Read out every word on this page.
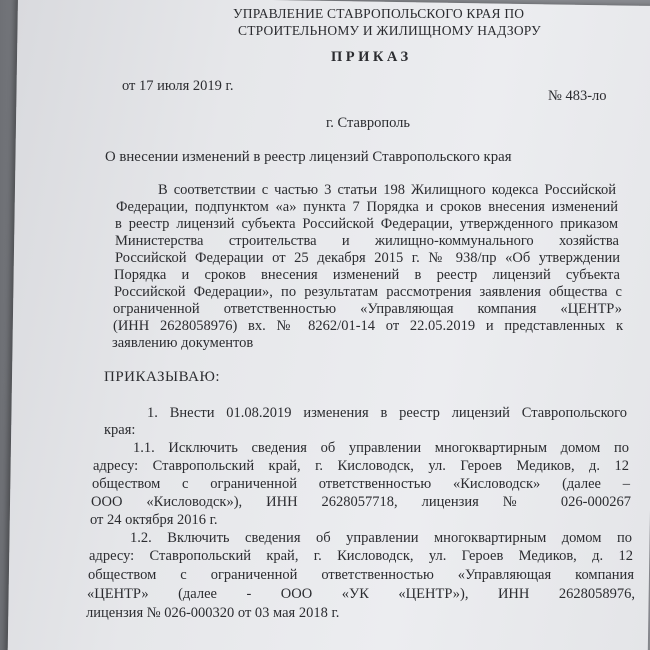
УПРАВЛЕНИЕ СТАВРОПОЛЬСКОГО КРАЯ ПО
СТРОИТЕЛЬНОМУ И ЖИЛИЩНОМУ НАДЗОРУ
ПРИКАЗ
от 17 июля 2019 г.
№ 483-ло
г. Ставрополь
О внесении изменений в реестр лицензий Ставропольского края
В соответствии с частью 3 статьи 198 Жилищного кодекса Российской
Федерации, подпунктом «а» пункта 7 Порядка и сроков внесения изменений
в реестр лицензий субъекта Российской Федерации, утвержденного приказом
Министерства строительства и жилищно-коммунального хозяйства
Российской Федерации от 25 декабря 2015 г. № 938/пр «Об утверждении
Порядка и сроков внесения изменений в реестр лицензий субъекта
Российской Федерации», по результатам рассмотрения заявления общества с
ограниченной ответственностью «Управляющая компания «ЦЕНТР»
(ИНН 2628058976) вх. № 8262/01-14 от 22.05.2019 и представленных к
заявлению документов
ПРИКАЗЫВАЮ:
1. Внести 01.08.2019 изменения в реестр лицензий Ставропольского
края:
1.1. Исключить сведения об управлении многоквартирным домом по
адресу: Ставропольский край, г. Кисловодск, ул. Героев Медиков, д. 12
обществом с ограниченной ответственностью «Кисловодск» (далее –
ООО «Кисловодск»), ИНН 2628057718, лицензия № 026-000267
от 24 октября 2016 г.
1.2. Включить сведения об управлении многоквартирным домом по
адресу: Ставропольский край, г. Кисловодск, ул. Героев Медиков, д. 12
обществом с ограниченной ответственностью «Управляющая компания
«ЦЕНТР» (далее - ООО «УК «ЦЕНТР»), ИНН 2628058976,
лицензия № 026-000320 от 03 мая 2018 г.
